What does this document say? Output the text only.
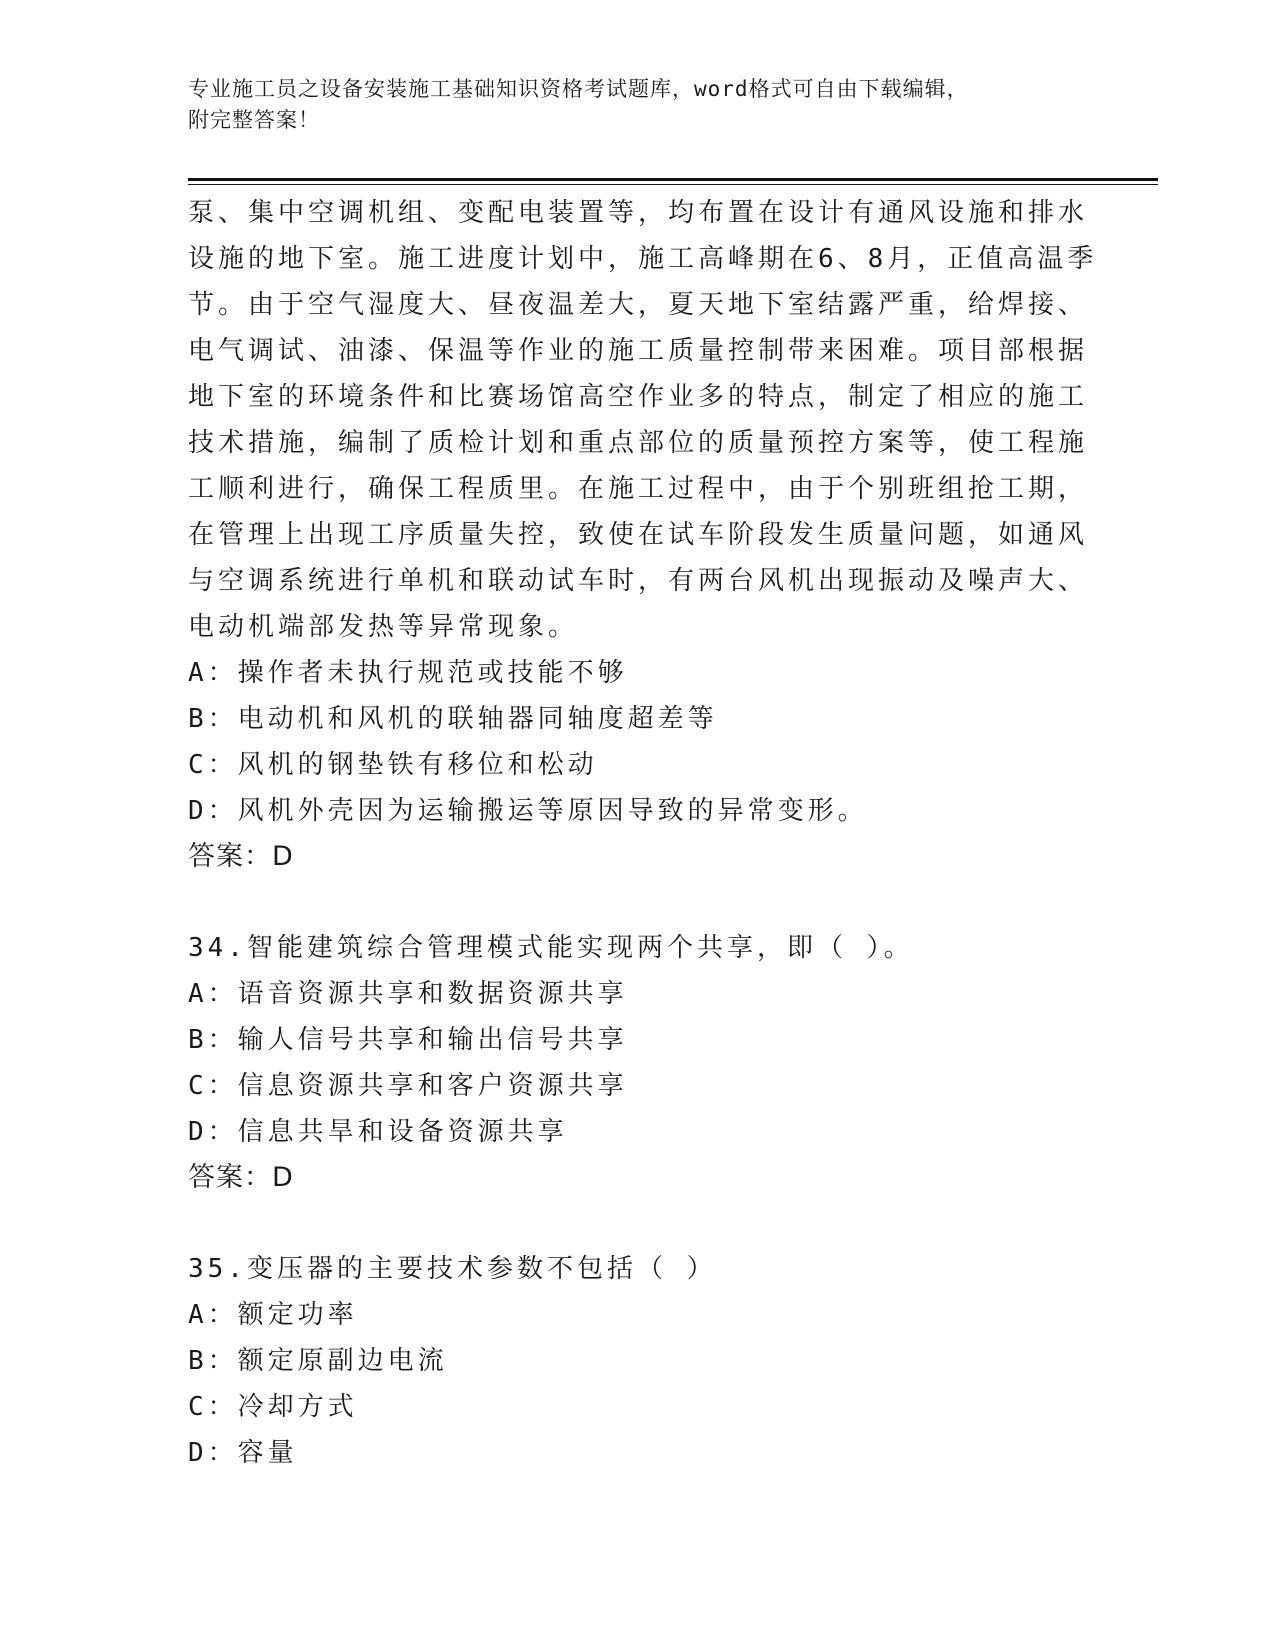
专业施工员之设备安装施工基础知识资格考试题库，word格式可自由下载编辑，
附完整答案！
泵、集中空调机组、变配电装置等，均布置在设计有通风设施和排水
设施的地下室。施工进度计划中，施工高峰期在6、8月，正值高温季
节。由于空气湿度大、昼夜温差大，夏天地下室结露严重，给焊接、
电气调试、油漆、保温等作业的施工质量控制带来困难。项目部根据
地下室的环境条件和比赛场馆高空作业多的特点，制定了相应的施工
技术措施，编制了质检计划和重点部位的质量预控方案等，使工程施
工顺利进行，确保工程质里。在施工过程中，由于个别班组抢工期，
在管理上出现工序质量失控，致使在试车阶段发生质量问题，如通风
与空调系统进行单机和联动试车时，有两台风机出现振动及噪声大、
电动机端部发热等异常现象。
A：操作者未执行规范或技能不够
B：电动机和风机的联轴器同轴度超差等
C：风机的钢垫铁有移位和松动
D：风机外壳因为运输搬运等原因导致的异常变形。
答案：D
34.智能建筑综合管理模式能实现两个共享，即（ ）。
A：语音资源共享和数据资源共享
B：输人信号共享和输出信号共享
C：信息资源共享和客户资源共享
D：信息共旱和设备资源共享
答案：D
35.变压器的主要技术参数不包括（ ）
A：额定功率
B：额定原副边电流
C：冷却方式
D：容量
